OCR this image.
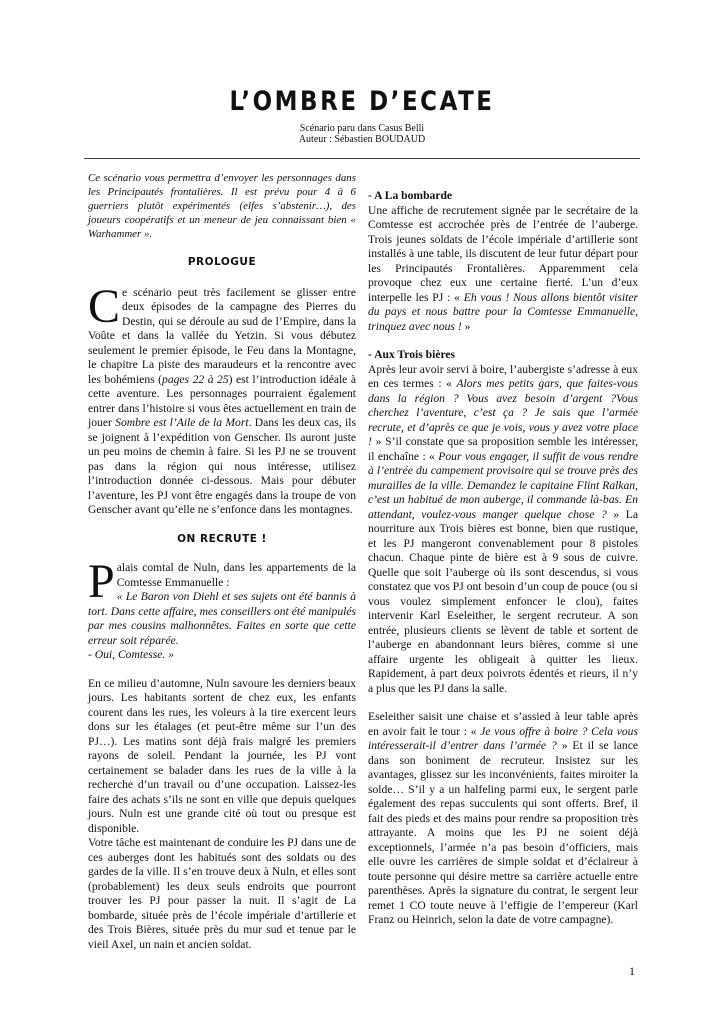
L’OMBRE D’ECATE
Scénario paru dans Casus Belli
Auteur : Sébastien BOUDAUD

Ce scénario vous permettra d’envoyer les personnages dans les Principautés frontalières. Il est prévu pour 4 à 6 guerriers plutôt expérimentés (elfes s’abstenir…), des joueurs coopératifs et un meneur de jeu connaissant bien « Warhammer ».

PROLOGUE

Ce scénario peut très facilement se glisser entre deux épisodes de la campagne des Pierres du Destin, qui se déroule au sud de l’Empire, dans la Voûte et dans la vallée du Yetzin. Si vous débutez seulement le premier épisode, le Feu dans la Montagne, le chapitre La piste des maraudeurs et la rencontre avec les bohémiens (pages 22 à 25) est l’introduction idéale à cette aventure. Les personnages pourraient également entrer dans l’histoire si vous êtes actuellement en train de jouer Sombre est l’Aile de la Mort. Dans les deux cas, ils se joignent à l’expédition von Genscher. Ils auront juste un peu moins de chemin à faire. Si les PJ ne se trouvent pas dans la région qui nous intéresse, utilisez l’introduction donnée ci-dessous. Mais pour débuter l’aventure, les PJ vont être engagés dans la troupe de von Genscher avant qu’elle ne s’enfonce dans les montagnes.

ON RECRUTE !

Palais comtal de Nuln, dans les appartements de la Comtesse Emmanuelle :
« Le Baron von Diehl et ses sujets ont été bannis à tort. Dans cette affaire, mes conseillers ont été manipulés par mes cousins malhonnêtes. Faites en sorte que cette erreur soit réparée.
- Oui, Comtesse. »

En ce milieu d’automne, Nuln savoure les derniers beaux jours. Les habitants sortent de chez eux, les enfants courent dans les rues, les voleurs à la tire exercent leurs dons sur les étalages (et peut-être même sur l’un des PJ…). Les matins sont déjà frais malgré les premiers rayons de soleil. Pendant la journée, les PJ vont certainement se balader dans les rues de la ville à la recherche d’un travail ou d’une occupation. Laissez-les faire des achats s’ils ne sont en ville que depuis quelques jours. Nuln est une grande cité où tout ou presque est disponible.

Votre tâche est maintenant de conduire les PJ dans une de ces auberges dont les habitués sont des soldats ou des gardes de la ville. Il s’en trouve deux à Nuln, et elles sont (probablement) les deux seuls endroits que pourront trouver les PJ pour passer la nuit. Il s’agit de La bombarde, située près de l’école impériale d’artillerie et des Trois Bières, située près du mur sud et tenue par le vieil Axel, un nain et ancien soldat.

- A La bombarde

Une affiche de recrutement signée par le secrétaire de la Comtesse est accrochée près de l’entrée de l’auberge. Trois jeunes soldats de l’école impériale d’artillerie sont installés à une table, ils discutent de leur futur départ pour les Principautés Frontalières. Apparemment cela provoque chez eux une certaine fierté. L’un d’eux interpelle les PJ : « Eh vous ! Nous allons bientôt visiter du pays et nous battre pour la Comtesse Emmanuelle, trinquez avec nous ! »

- Aux Trois bières

Après leur avoir servi à boire, l’aubergiste s’adresse à eux en ces termes : « Alors mes petits gars, que faites-vous dans la région ? Vous avez besoin d’argent ?Vous cherchez l’aventure, c’est ça ? Je sais que l’armée recrute, et d’après ce que je vois, vous y avez votre place ! » S’il constate que sa proposition semble les intéresser, il enchaîne : « Pour vous engager, il suffit de vous rendre à l’entrée du campement provisoire qui se trouve près des murailles de la ville. Demandez le capitaine Flint Ralkan, c’est un habitué de mon auberge, il commande là-bas. En attendant, voulez-vous manger quelque chose ? » La nourriture aux Trois bières est bonne, bien que rustique, et les PJ mangeront convenablement pour 8 pistoles chacun. Chaque pinte de bière est à 9 sous de cuivre. Quelle que soit l’auberge où ils sont descendus, si vous constatez que vos PJ ont besoin d’un coup de pouce (ou si vous voulez simplement enfoncer le clou), faites intervenir Karl Eseleither, le sergent recruteur. A son entrée, plusieurs clients se lèvent de table et sortent de l’auberge en abandonnant leurs bières, comme si une affaire urgente les obligeait à quitter les lieux. Rapidement, à part deux poivrots édentés et rieurs, il n’y a plus que les PJ dans la salle.

Eseleither saisit une chaise et s’assied à leur table après en avoir fait le tour : « Je vous offre à boire ? Cela vous intéresserait-il d’entrer dans l’armée ? » Et il se lance dans son boniment de recruteur. Insistez sur les avantages, glissez sur les inconvénients, faites miroiter la solde… S’il y a un halfeling parmi eux, le sergent parle également des repas succulents qui sont offerts. Bref, il fait des pieds et des mains pour rendre sa proposition très attrayante. A moins que les PJ ne soient déjà exceptionnels, l’armée n’a pas besoin d’officiers, mais elle ouvre les carrières de simple soldat et d’éclaireur à toute personne qui désire mettre sa carrière actuelle entre parenthèses. Après la signature du contrat, le sergent leur remet 1 CO toute neuve à l’effigie de l’empereur (Karl Franz ou Heinrich, selon la date de votre campagne).

1
